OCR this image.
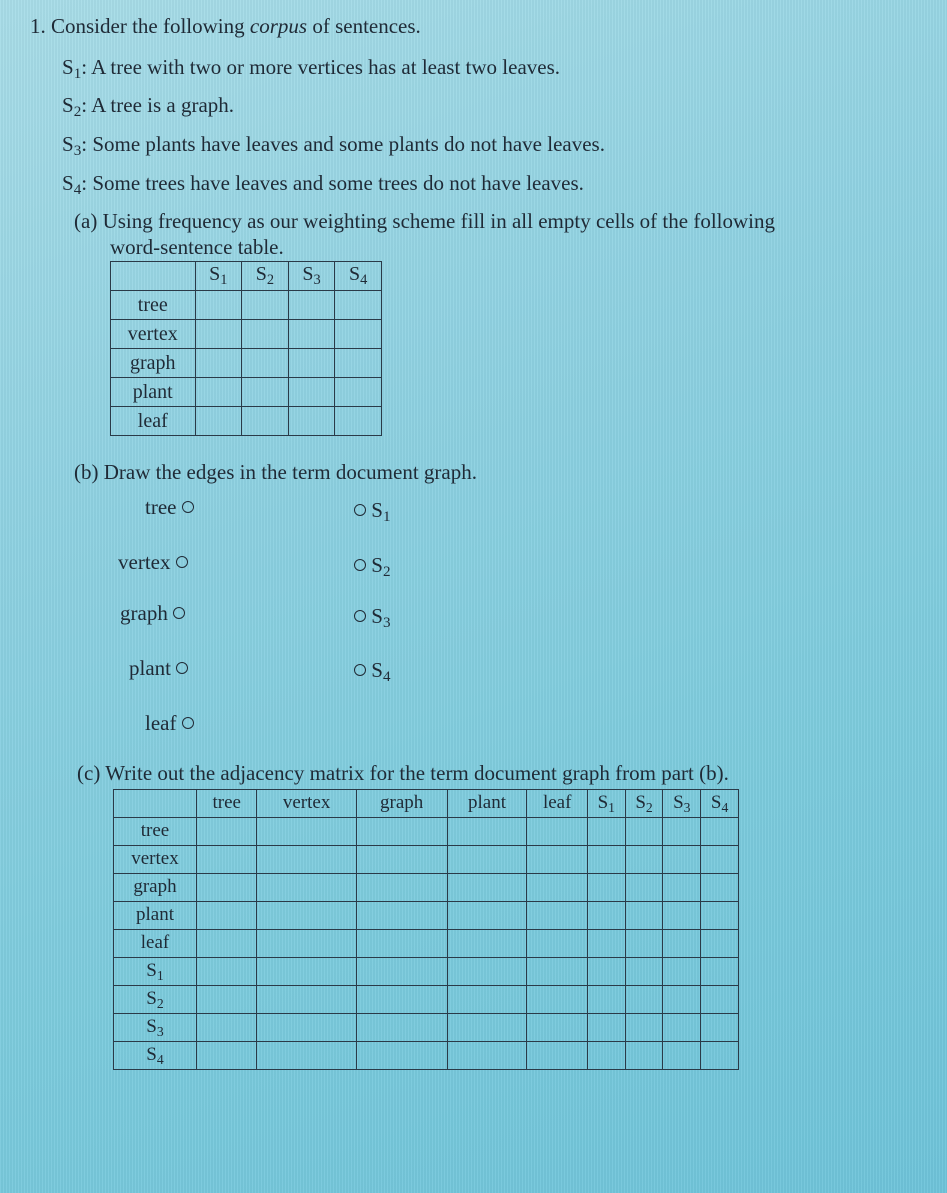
1. Consider the following corpus of sentences.
$S_1$: A tree with two or more vertices has at least two leaves.
$S_2$: A tree is a graph.
$S_3$: Some plants have leaves and some plants do not have leaves.
$S_4$: Some trees have leaves and some trees do not have leaves.
(a) Using frequency as our weighting scheme fill in all empty cells of the following
word-sentence table.
	$S_1$	$S_2$	$S_3$	$S_4$
tree				
vertex				
graph				
plant				
leaf				
(b) Draw the edges in the term document graph.
tree
vertex
graph
plant
leaf
$S_1$
$S_2$
$S_3$
$S_4$
(c) Write out the adjacency matrix for the term document graph from part (b).
	tree	vertex	graph	plant	leaf	$S_1$	$S_2$	$S_3$	$S_4$
tree									
vertex									
graph									
plant									
leaf									
$S_1$									
$S_2$									
$S_3$									
$S_4$									
